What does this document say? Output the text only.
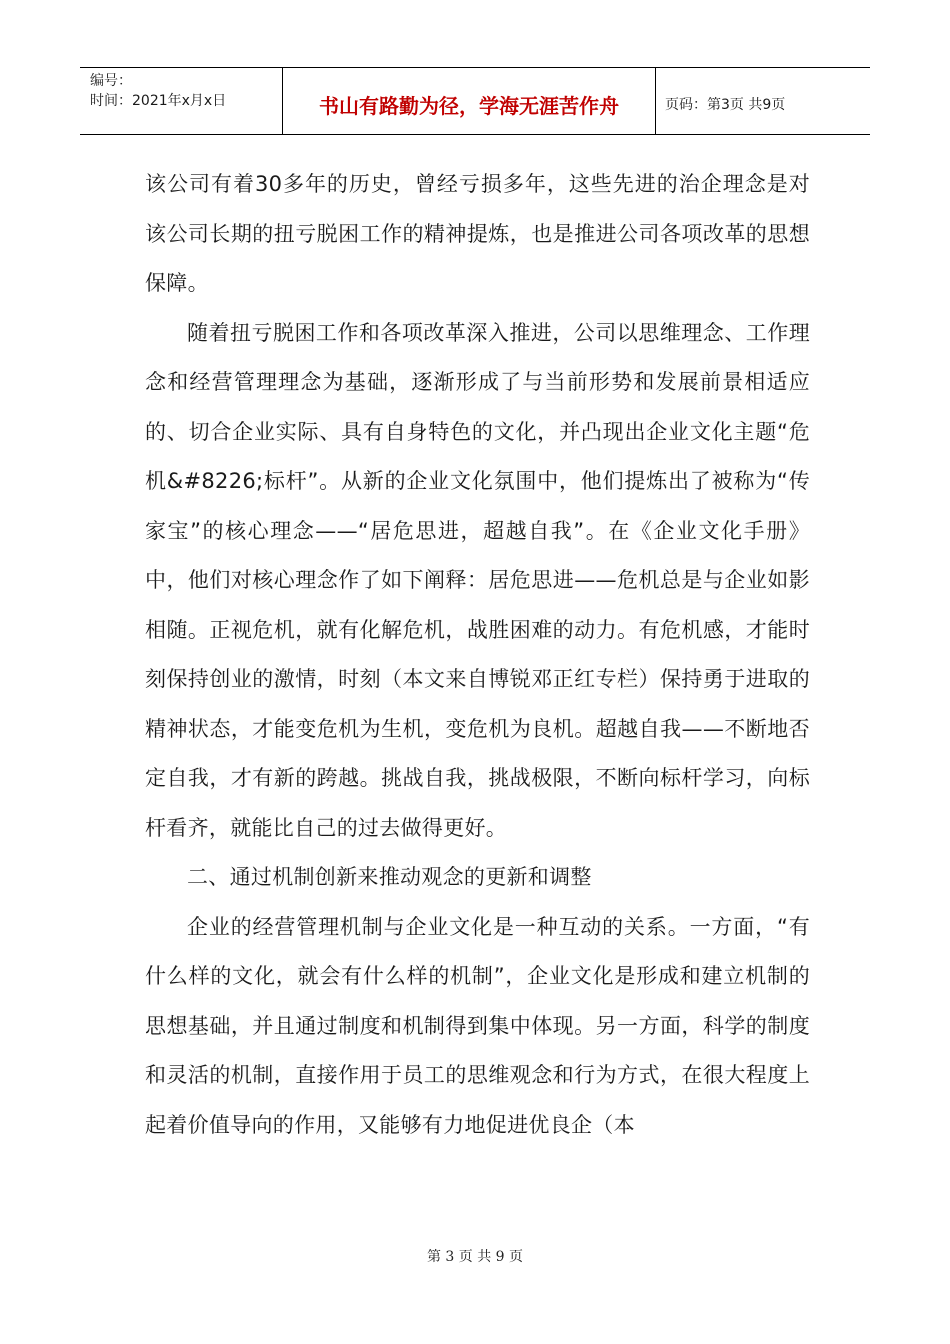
编号：
时间：2021年x月x日	书山有路勤为径，学海无涯苦作舟	页码：第3页 共9页

该公司有着30多年的历史，曾经亏损多年，这些先进的治企理念是对该公司长期的扭亏脱困工作的精神提炼，也是推进公司各项改革的思想保障。

随着扭亏脱困工作和各项改革深入推进，公司以思维理念、工作理念和经营管理理念为基础，逐渐形成了与当前形势和发展前景相适应的、切合企业实际、具有自身特色的文化，并凸现出企业文化主题“危机&#8226;标杆”。从新的企业文化氛围中，他们提炼出了被称为“传家宝”的核心理念——“居危思进，超越自我”。在《企业文化手册》中，他们对核心理念作了如下阐释：居危思进——危机总是与企业如影相随。正视危机，就有化解危机，战胜困难的动力。有危机感，才能时刻保持创业的激情，时刻（本文来自博锐邓正红专栏）保持勇于进取的精神状态，才能变危机为生机，变危机为良机。超越自我——不断地否定自我，才有新的跨越。挑战自我，挑战极限，不断向标杆学习，向标杆看齐，就能比自己的过去做得更好。

二、通过机制创新来推动观念的更新和调整

企业的经营管理机制与企业文化是一种互动的关系。一方面，“有什么样的文化，就会有什么样的机制”，企业文化是形成和建立机制的思想基础，并且通过制度和机制得到集中体现。另一方面，科学的制度和灵活的机制，直接作用于员工的思维观念和行为方式，在很大程度上起着价值导向的作用，又能够有力地促进优良企（本

第 3 页 共 9 页
